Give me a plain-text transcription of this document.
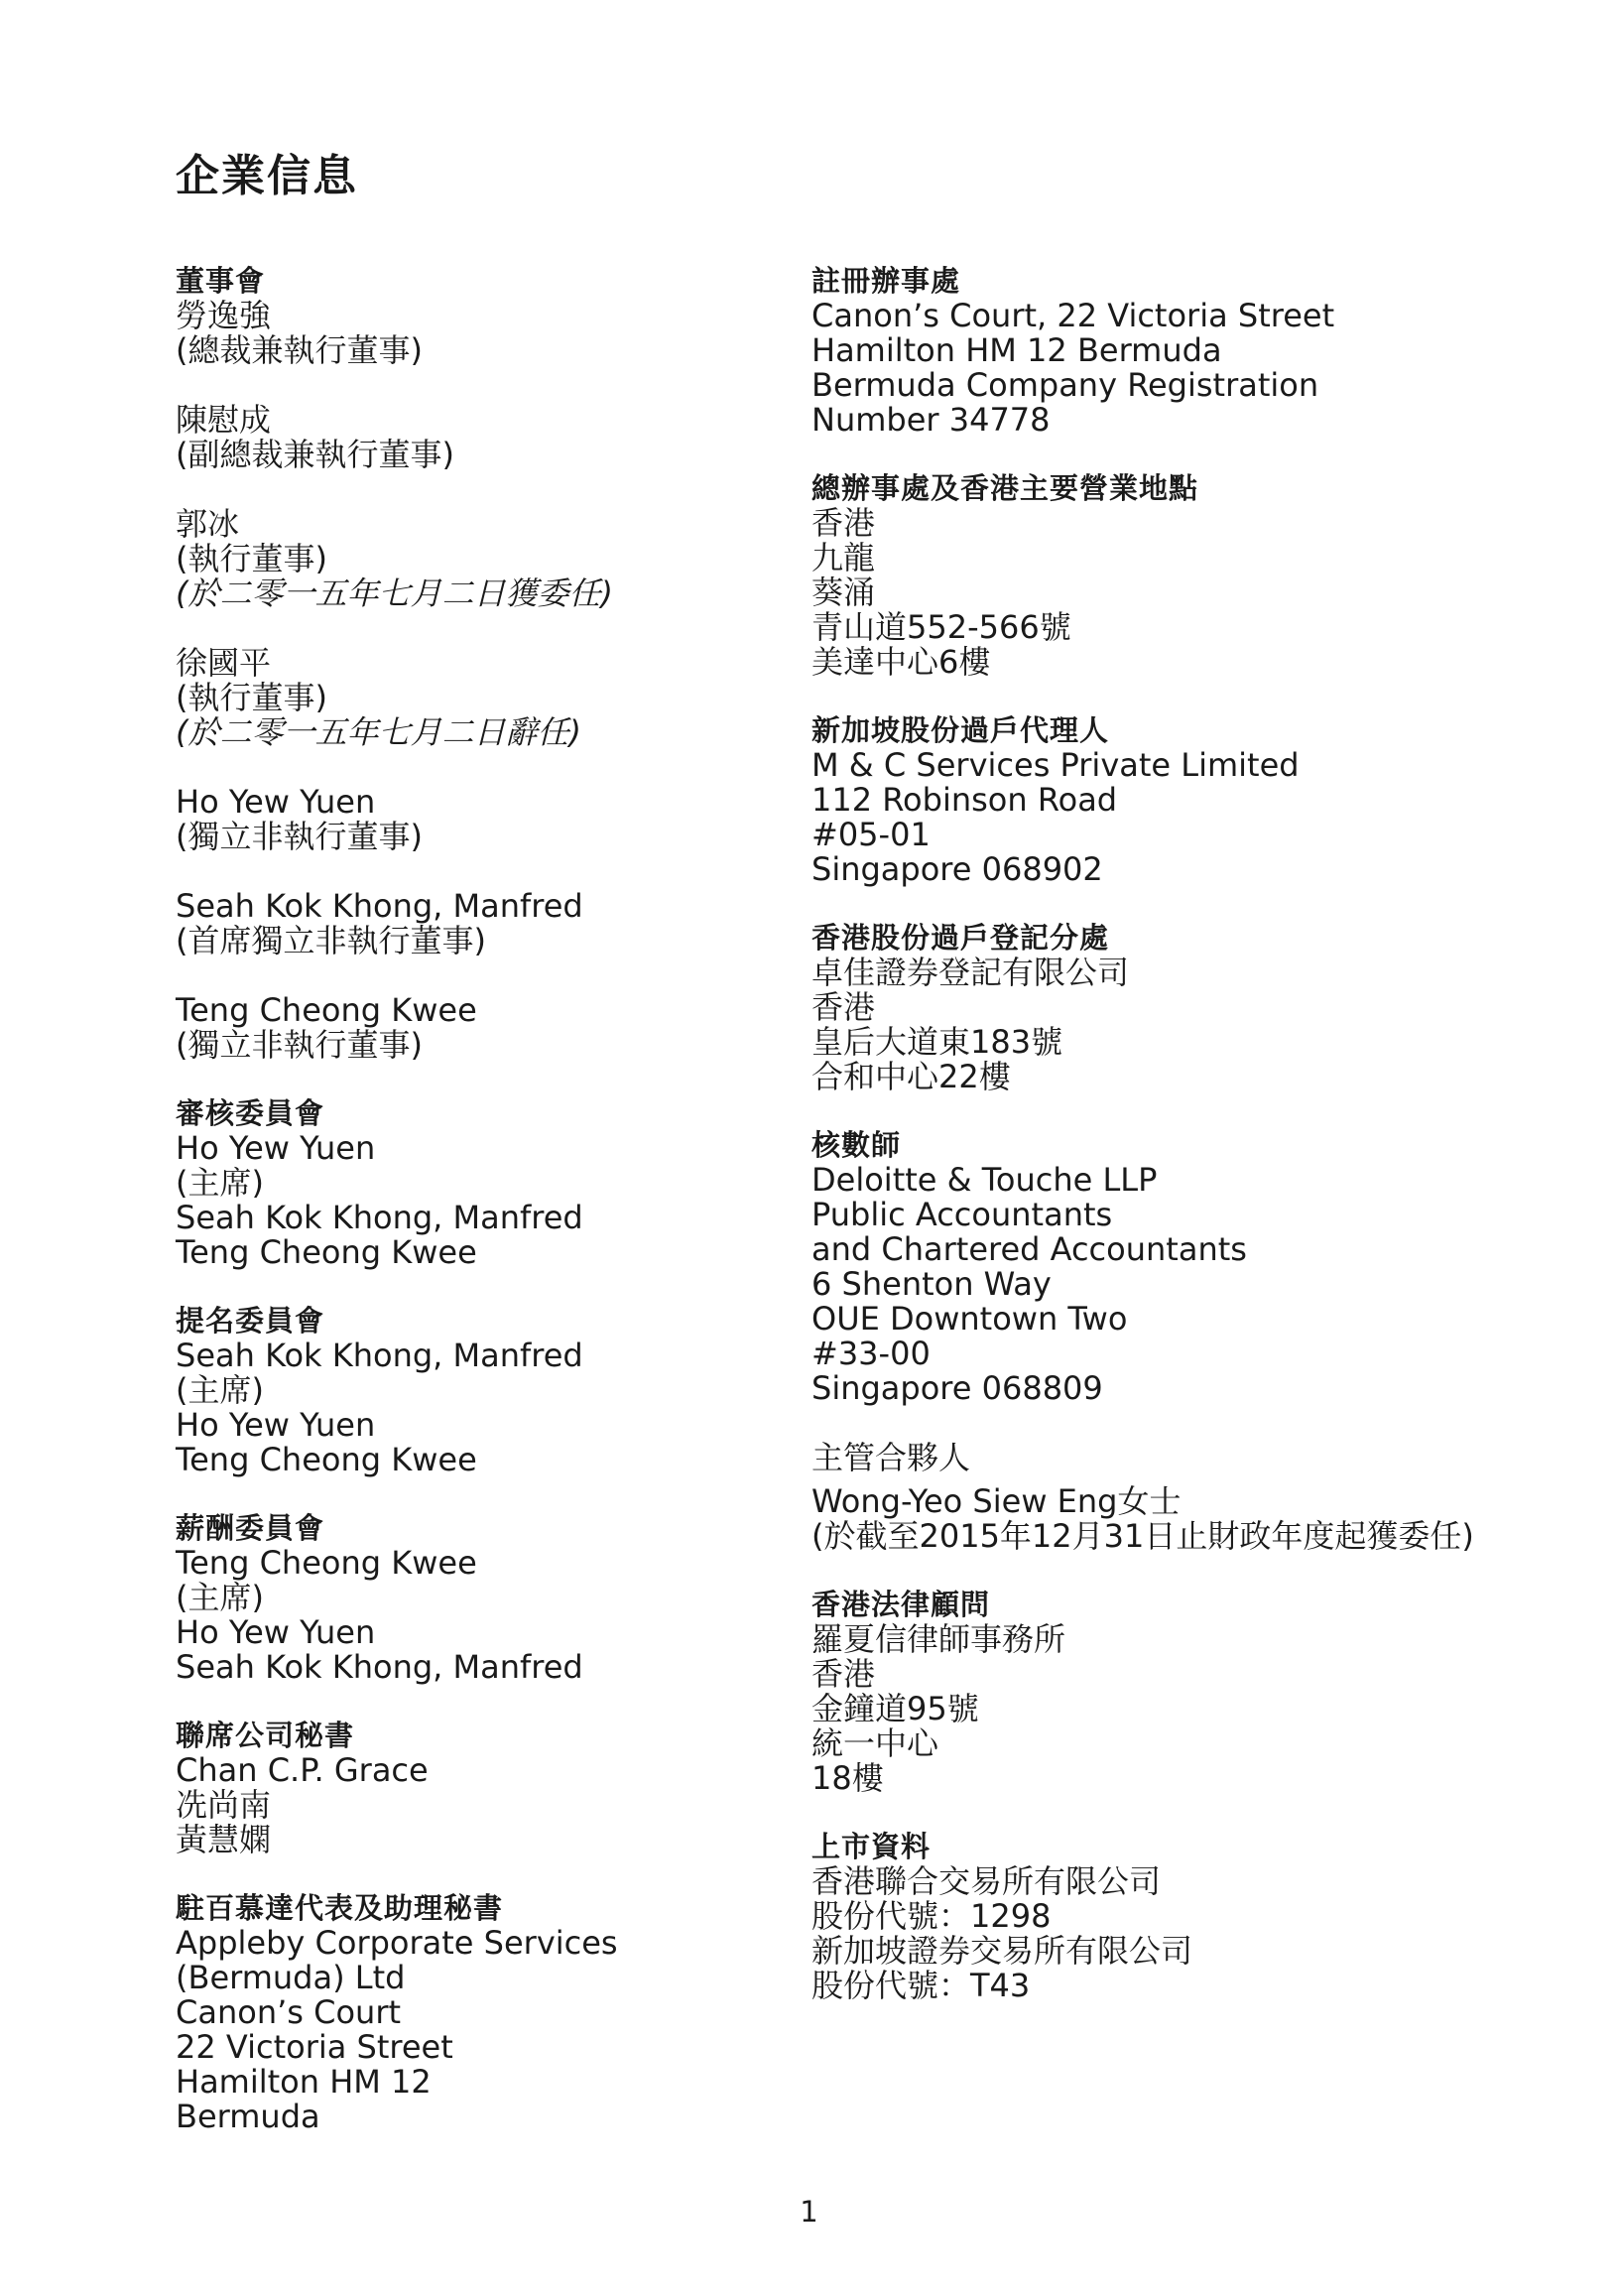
企業信息
董事會
勞逸強
(總裁兼執行董事)
陳慰成
(副總裁兼執行董事)
郭冰
(執行董事)
(於二零一五年七月二日獲委任)
徐國平
(執行董事)
(於二零一五年七月二日辭任)
Ho Yew Yuen
(獨立非執行董事)
Seah Kok Khong, Manfred
(首席獨立非執行董事)
Teng Cheong Kwee
(獨立非執行董事)
審核委員會
Ho Yew Yuen
(主席)
Seah Kok Khong, Manfred
Teng Cheong Kwee
提名委員會
Seah Kok Khong, Manfred
(主席)
Ho Yew Yuen
Teng Cheong Kwee
薪酬委員會
Teng Cheong Kwee
(主席)
Ho Yew Yuen
Seah Kok Khong, Manfred
聯席公司秘書
Chan C.P. Grace
冼尚南
黃慧嫻
駐百慕達代表及助理秘書
Appleby Corporate Services
(Bermuda) Ltd
Canon’s Court
22 Victoria Street
Hamilton HM 12
Bermuda
註冊辦事處
Canon’s Court, 22 Victoria Street
Hamilton HM 12 Bermuda
Bermuda Company Registration
Number 34778
總辦事處及香港主要營業地點
香港
九龍
葵涌
青山道552-566號
美達中心6樓
新加坡股份過戶代理人
M & C Services Private Limited
112 Robinson Road
#05-01
Singapore 068902
香港股份過戶登記分處
卓佳證券登記有限公司
香港
皇后大道東183號
合和中心22樓
核數師
Deloitte & Touche LLP
Public Accountants
and Chartered Accountants
6 Shenton Way
OUE Downtown Two
#33-00
Singapore 068809
主管合夥人
Wong-Yeo Siew Eng女士
(於截至2015年12月31日止財政年度起獲委任)
香港法律顧問
羅夏信律師事務所
香港
金鐘道95號
統一中心
18樓
上市資料
香港聯合交易所有限公司
股份代號：1298
新加坡證券交易所有限公司
股份代號：T43
1
